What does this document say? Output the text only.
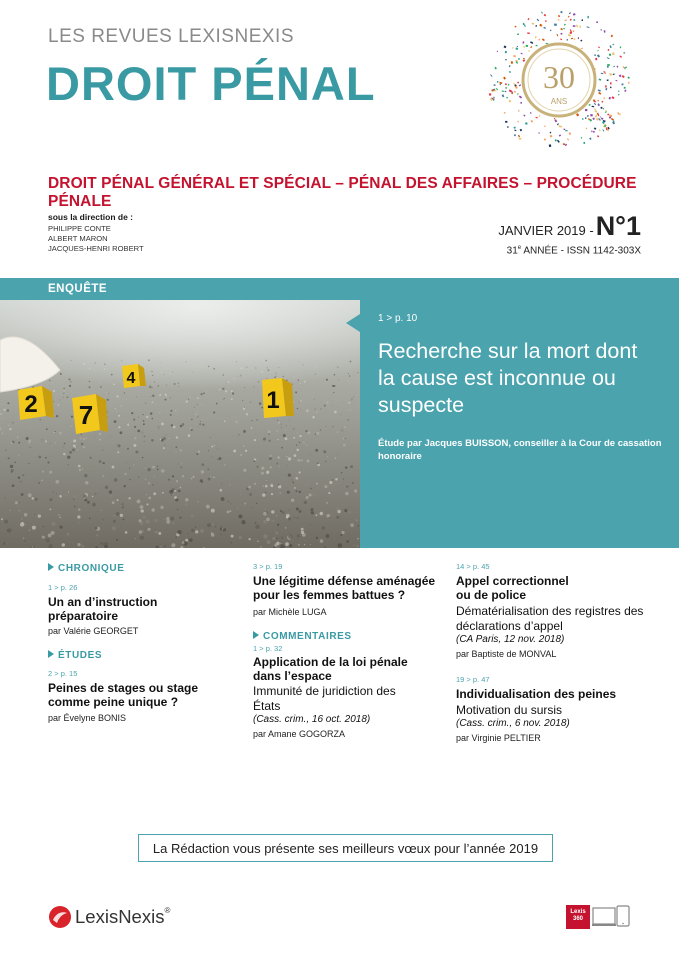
LES REVUES LEXISNEXIS
DROIT PÉNAL	30
ANS
DROIT PÉNAL GÉNÉRAL ET SPÉCIAL – PÉNAL DES AFFAIRES – PROCÉDURE PÉNALE
sous la direction de :
PHILIPPE CONTE
ALBERT MARON
JACQUES-HENRI ROBERT
JANVIER 2019 -N°1
31e ANNÉE - ISSN 1142-303X
ENQUÊTE
2 7
4
1
1 > p. 10
Recherche sur la mort dont la cause est inconnue ou suspecte
Étude par Jacques BUISSON, conseiller à la Cour de cassation honoraire
CHRONIQUE
1 > p. 26
Un an d’instruction préparatoire
par Valérie GEORGET
ÉTUDES
2 > p. 15
Peines de stages ou stage comme peine unique ?
par Évelyne BONIS
3 > p. 19
Une légitime défense aménagée pour les femmes battues ?
par Michèle LUGA
COMMENTAIRES
1 > p. 32
Application de la loi pénale dans l’espace
Immunité de juridiction des États
(Cass. crim., 16 oct. 2018)
par Amane GOGORZA
14 > p. 45
Appel correctionnel ou de police
Dématérialisation des registres des déclarations d’appel
(CA Paris, 12 nov. 2018)
par Baptiste de MONVAL
19 > p. 47
Individualisation des peines
Motivation du sursis
(Cass. crim., 6 nov. 2018)
par Virginie PELTIER
La Rédaction vous présente ses meilleurs vœux pour l’année 2019
LexisNexis®	Lexis
360
